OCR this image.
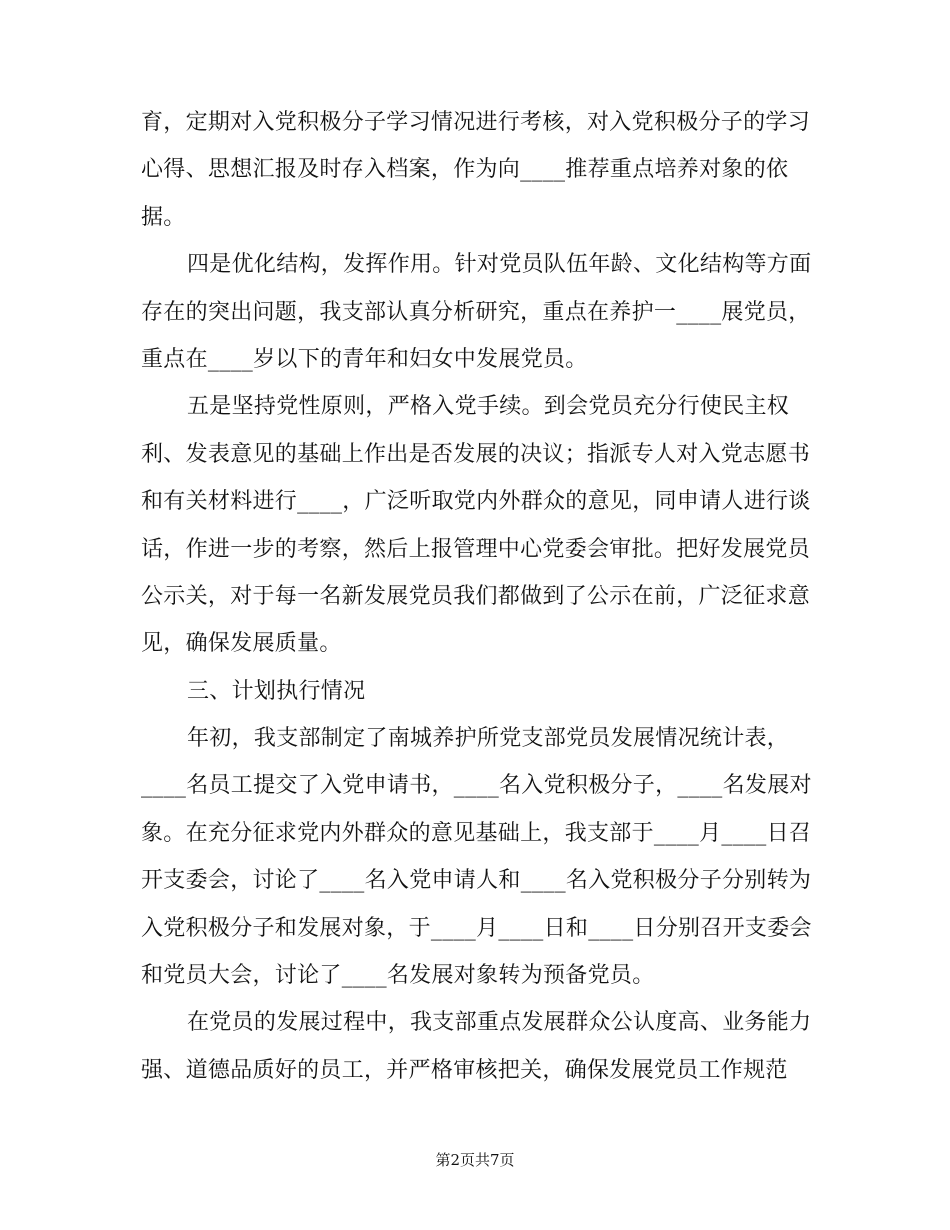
育，定期对入党积极分子学习情况进行考核，对入党积极分子的学习
心得、思想汇报及时存入档案，作为向____推荐重点培养对象的依
据。
四是优化结构，发挥作用。针对党员队伍年龄、文化结构等方面
存在的突出问题，我支部认真分析研究，重点在养护一____展党员，
重点在____岁以下的青年和妇女中发展党员。
五是坚持党性原则，严格入党手续。到会党员充分行使民主权
利、发表意见的基础上作出是否发展的决议；指派专人对入党志愿书
和有关材料进行____，广泛听取党内外群众的意见，同申请人进行谈
话，作进一步的考察，然后上报管理中心党委会审批。把好发展党员
公示关，对于每一名新发展党员我们都做到了公示在前，广泛征求意
见，确保发展质量。
三、计划执行情况
年初，我支部制定了南城养护所党支部党员发展情况统计表，
____名员工提交了入党申请书，____名入党积极分子，____名发展对
象。在充分征求党内外群众的意见基础上，我支部于____月____日召
开支委会，讨论了____名入党申请人和____名入党积极分子分别转为
入党积极分子和发展对象，于____月____日和____日分别召开支委会
和党员大会，讨论了____名发展对象转为预备党员。
在党员的发展过程中，我支部重点发展群众公认度高、业务能力
强、道德品质好的员工，并严格审核把关，确保发展党员工作规范
第2页共7页
